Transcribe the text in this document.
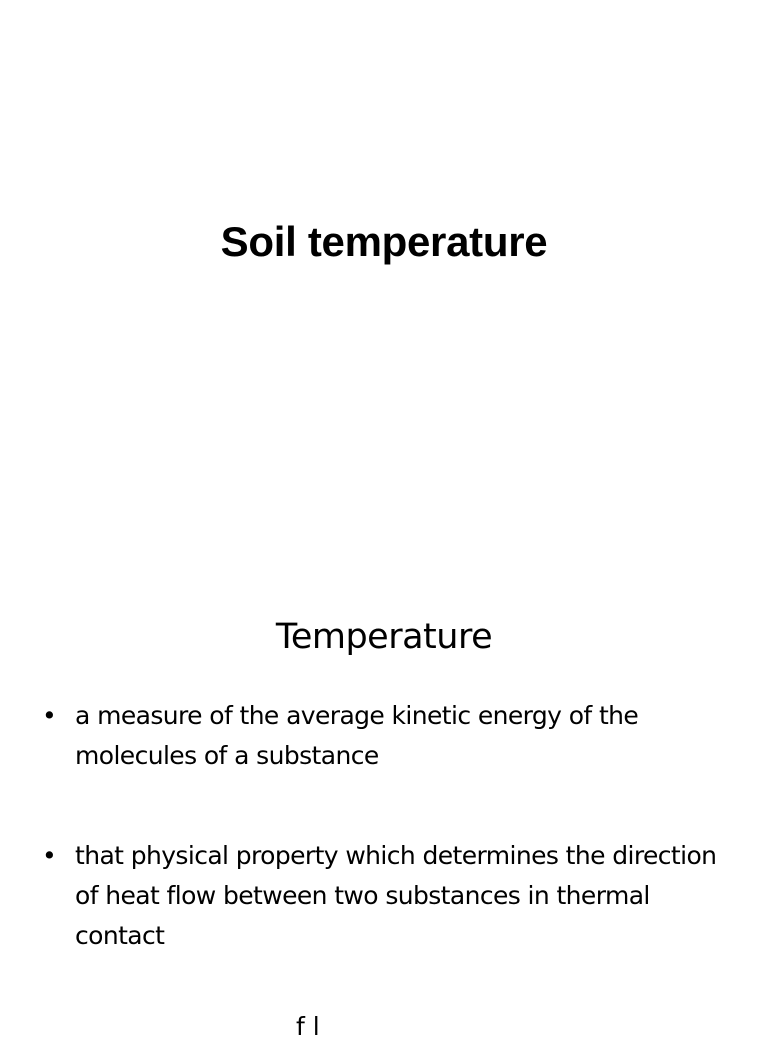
Soil temperature
Temperature
• a measure of the average kinetic energy of the molecules of a substance
• that physical property which determines the direction of heat flow between two substances in thermal contact
f l
